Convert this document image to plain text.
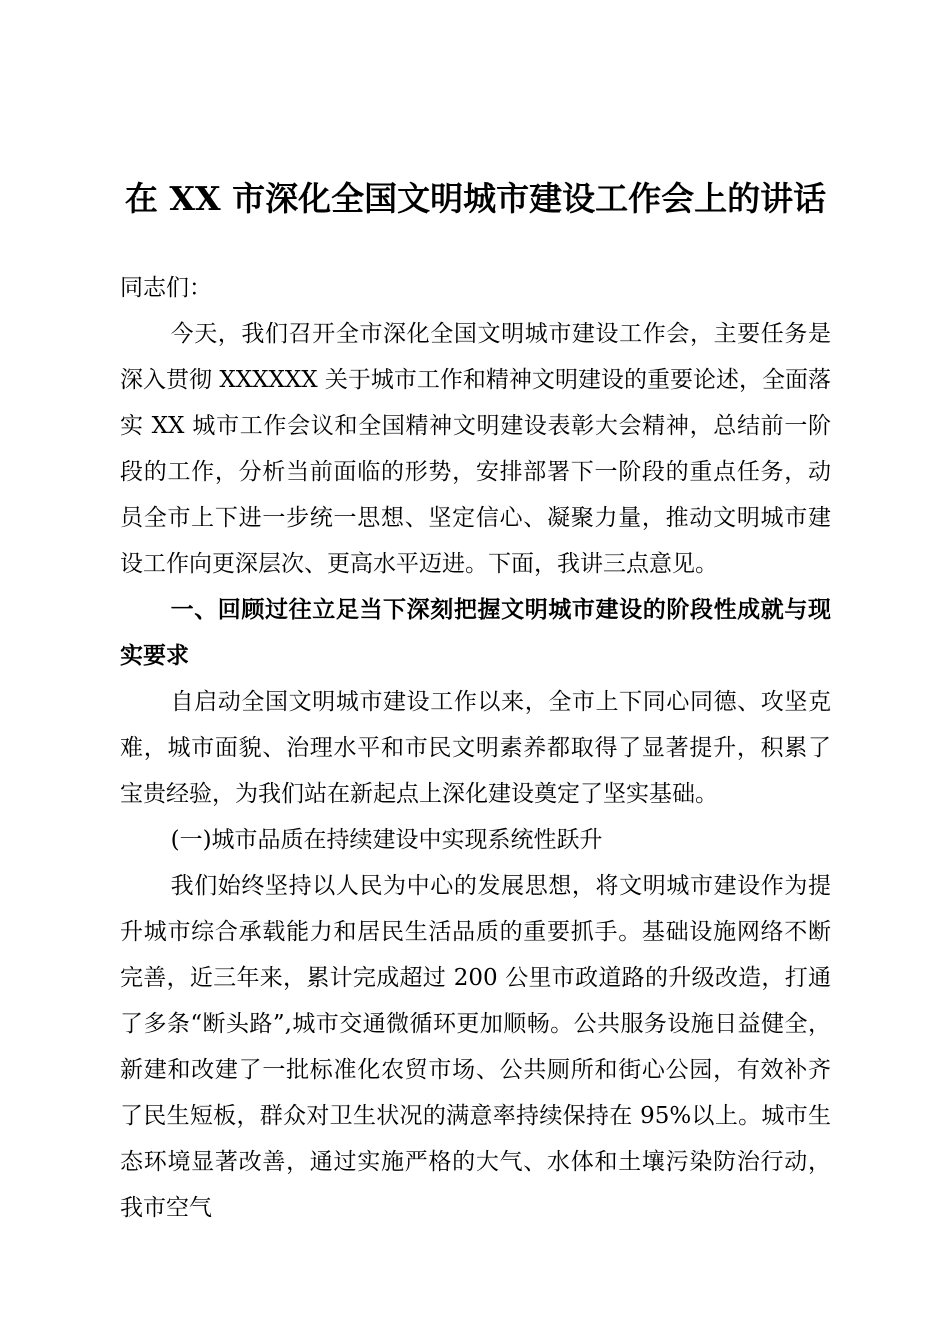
在 XX 市深化全国文明城市建设工作会上的讲话

同志们：

今天，我们召开全市深化全国文明城市建设工作会，主要任务是深入贯彻 XXXXXX 关于城市工作和精神文明建设的重要论述，全面落实 XX 城市工作会议和全国精神文明建设表彰大会精神，总结前一阶段的工作，分析当前面临的形势，安排部署下一阶段的重点任务，动员全市上下进一步统一思想、坚定信心、凝聚力量，推动文明城市建设工作向更深层次、更高水平迈进。下面，我讲三点意见。

一、回顾过往立足当下深刻把握文明城市建设的阶段性成就与现实要求

自启动全国文明城市建设工作以来，全市上下同心同德、攻坚克难，城市面貌、治理水平和市民文明素养都取得了显著提升，积累了宝贵经验，为我们站在新起点上深化建设奠定了坚实基础。

(一)城市品质在持续建设中实现系统性跃升

我们始终坚持以人民为中心的发展思想，将文明城市建设作为提升城市综合承载能力和居民生活品质的重要抓手。基础设施网络不断完善，近三年来，累计完成超过 200 公里市政道路的升级改造，打通了多条“断头路”,城市交通微循环更加顺畅。公共服务设施日益健全，新建和改建了一批标准化农贸市场、公共厕所和街心公园，有效补齐了民生短板，群众对卫生状况的满意率持续保持在 95%以上。城市生态环境显著改善，通过实施严格的大气、水体和土壤污染防治行动，我市空气
